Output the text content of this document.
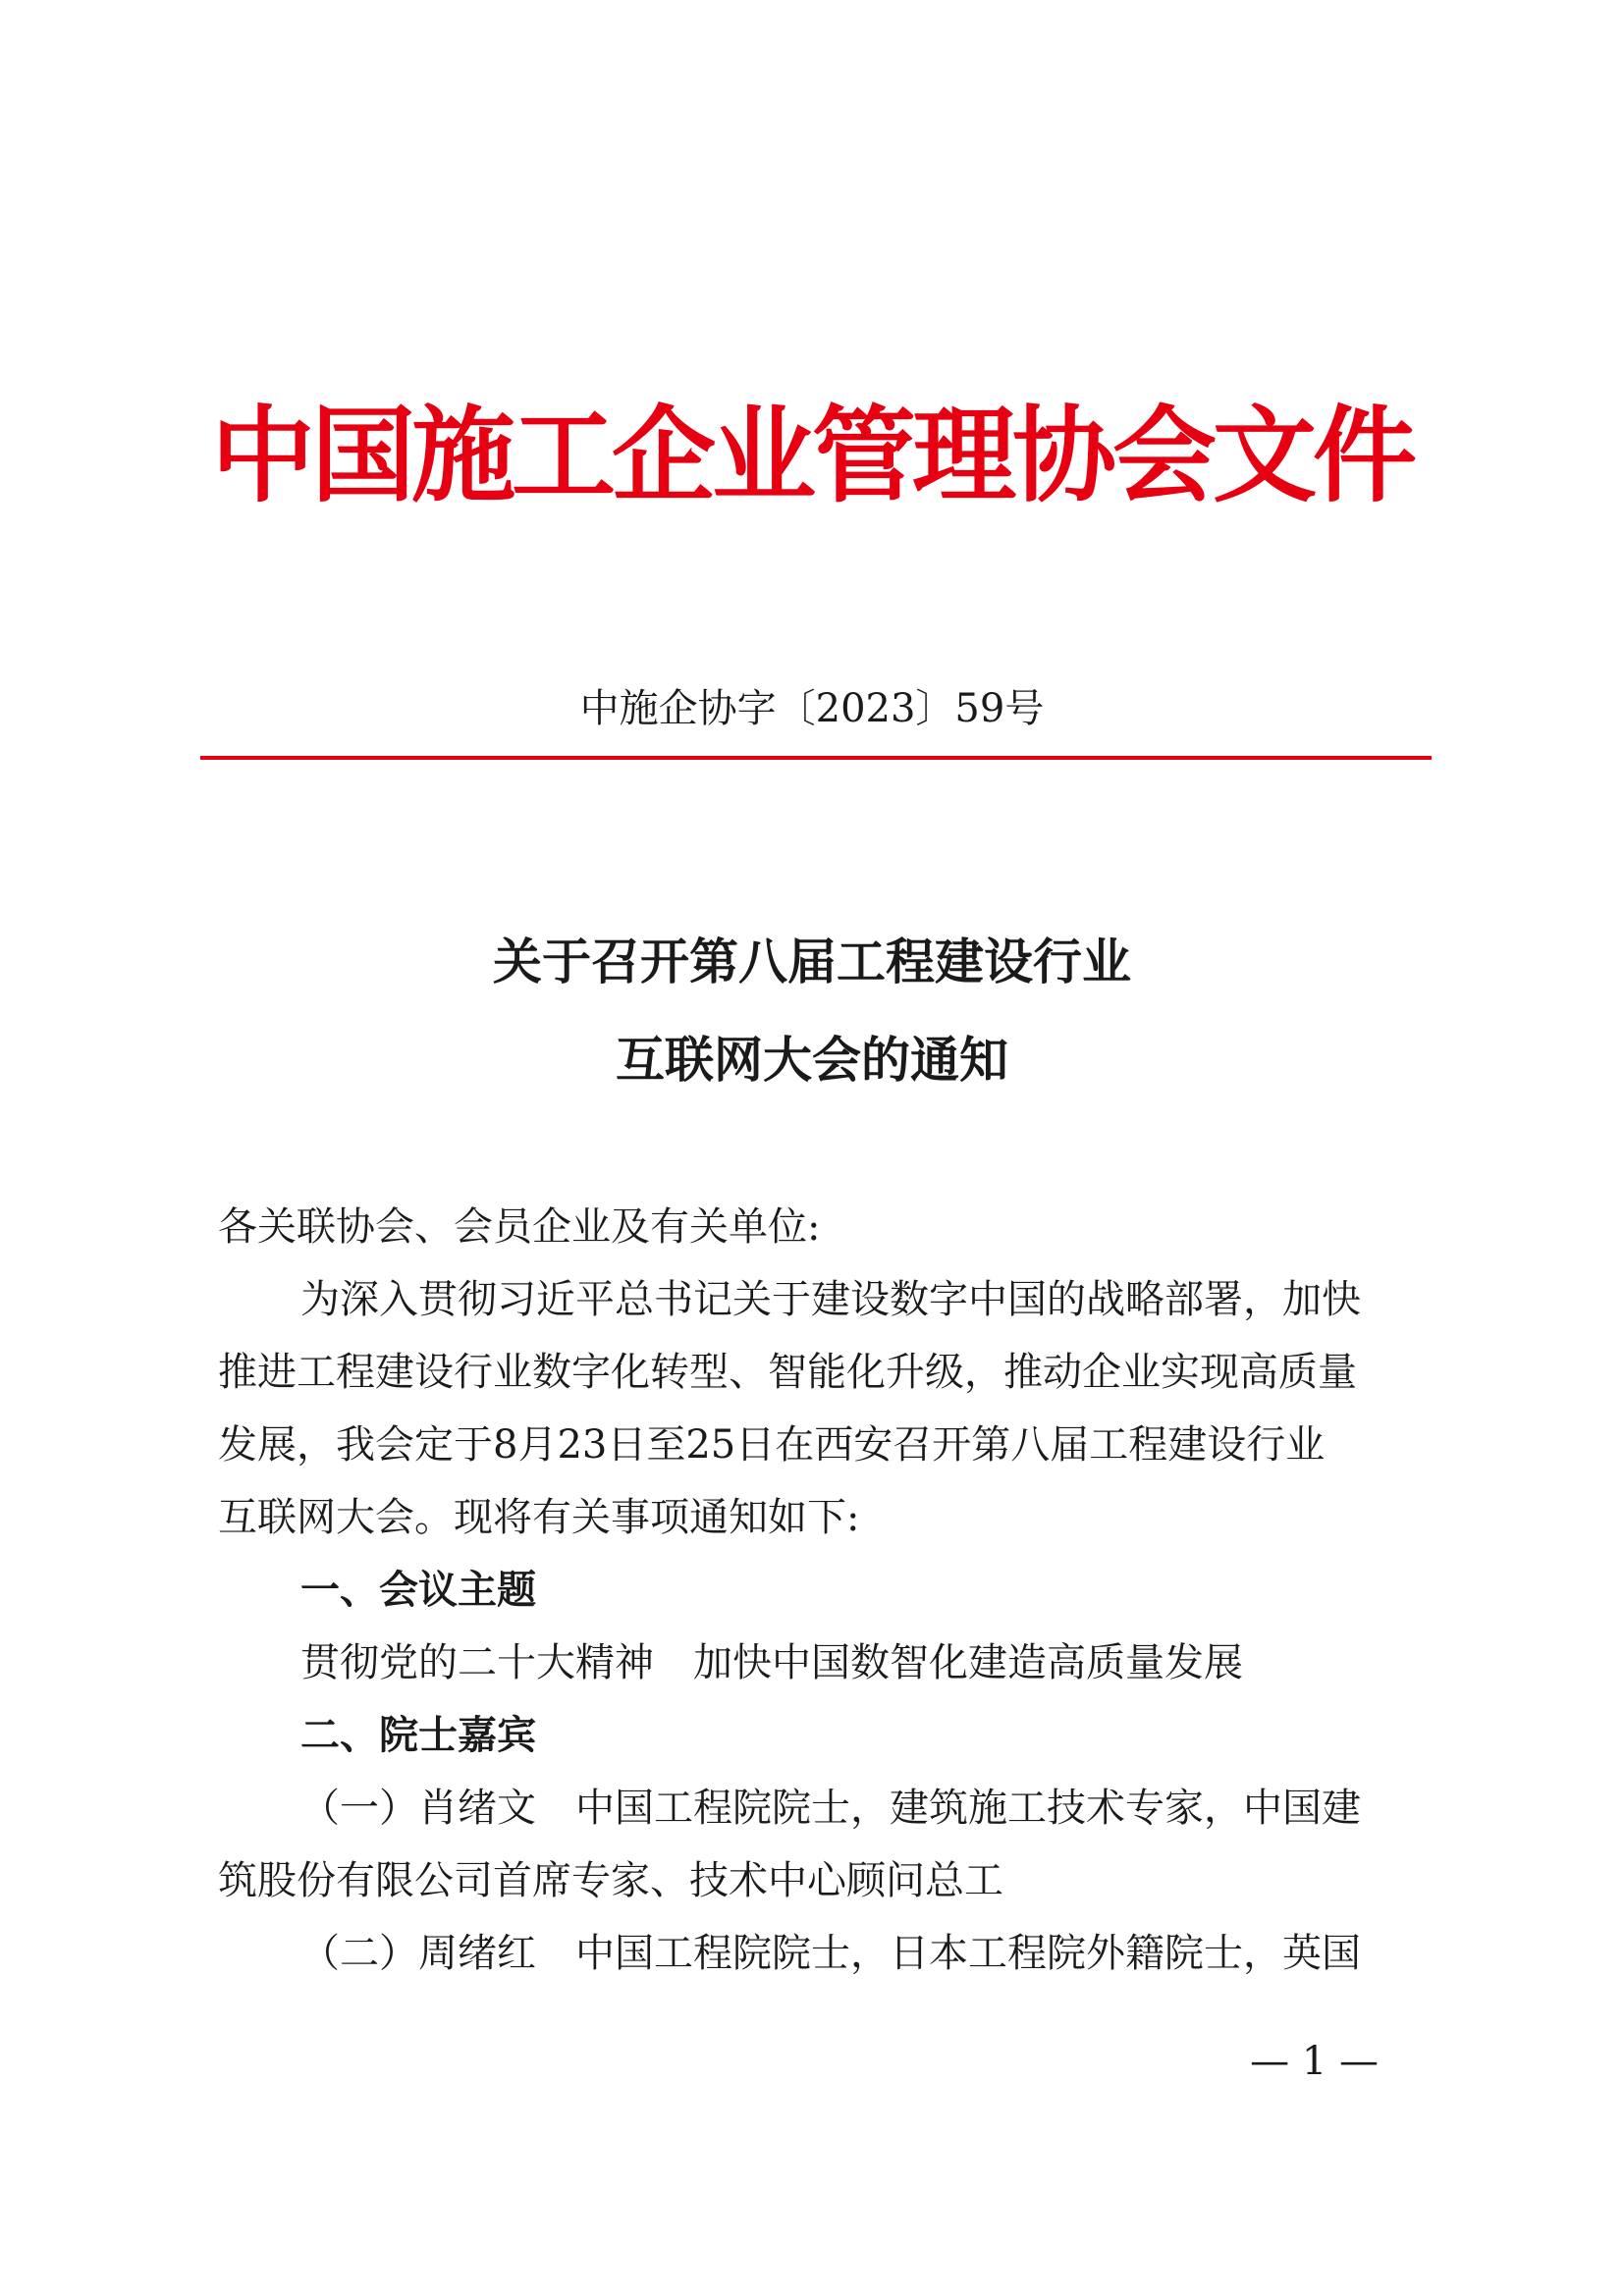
中国施工企业管理协会文件
中施企协字〔2023〕59号
关于召开第八届工程建设行业
互联网大会的通知
各关联协会、会员企业及有关单位:
为深入贯彻习近平总书记关于建设数字中国的战略部署，加快
推进工程建设行业数字化转型、智能化升级，推动企业实现高质量
发展，我会定于8月23日至25日在西安召开第八届工程建设行业
互联网大会。现将有关事项通知如下:
一、会议主题
贯彻党的二十大精神　加快中国数智化建造高质量发展
二、院士嘉宾
（一）肖绪文　中国工程院院士，建筑施工技术专家，中国建
筑股份有限公司首席专家、技术中心顾问总工
（二）周绪红　中国工程院院士，日本工程院外籍院士，英国
— 1 —
